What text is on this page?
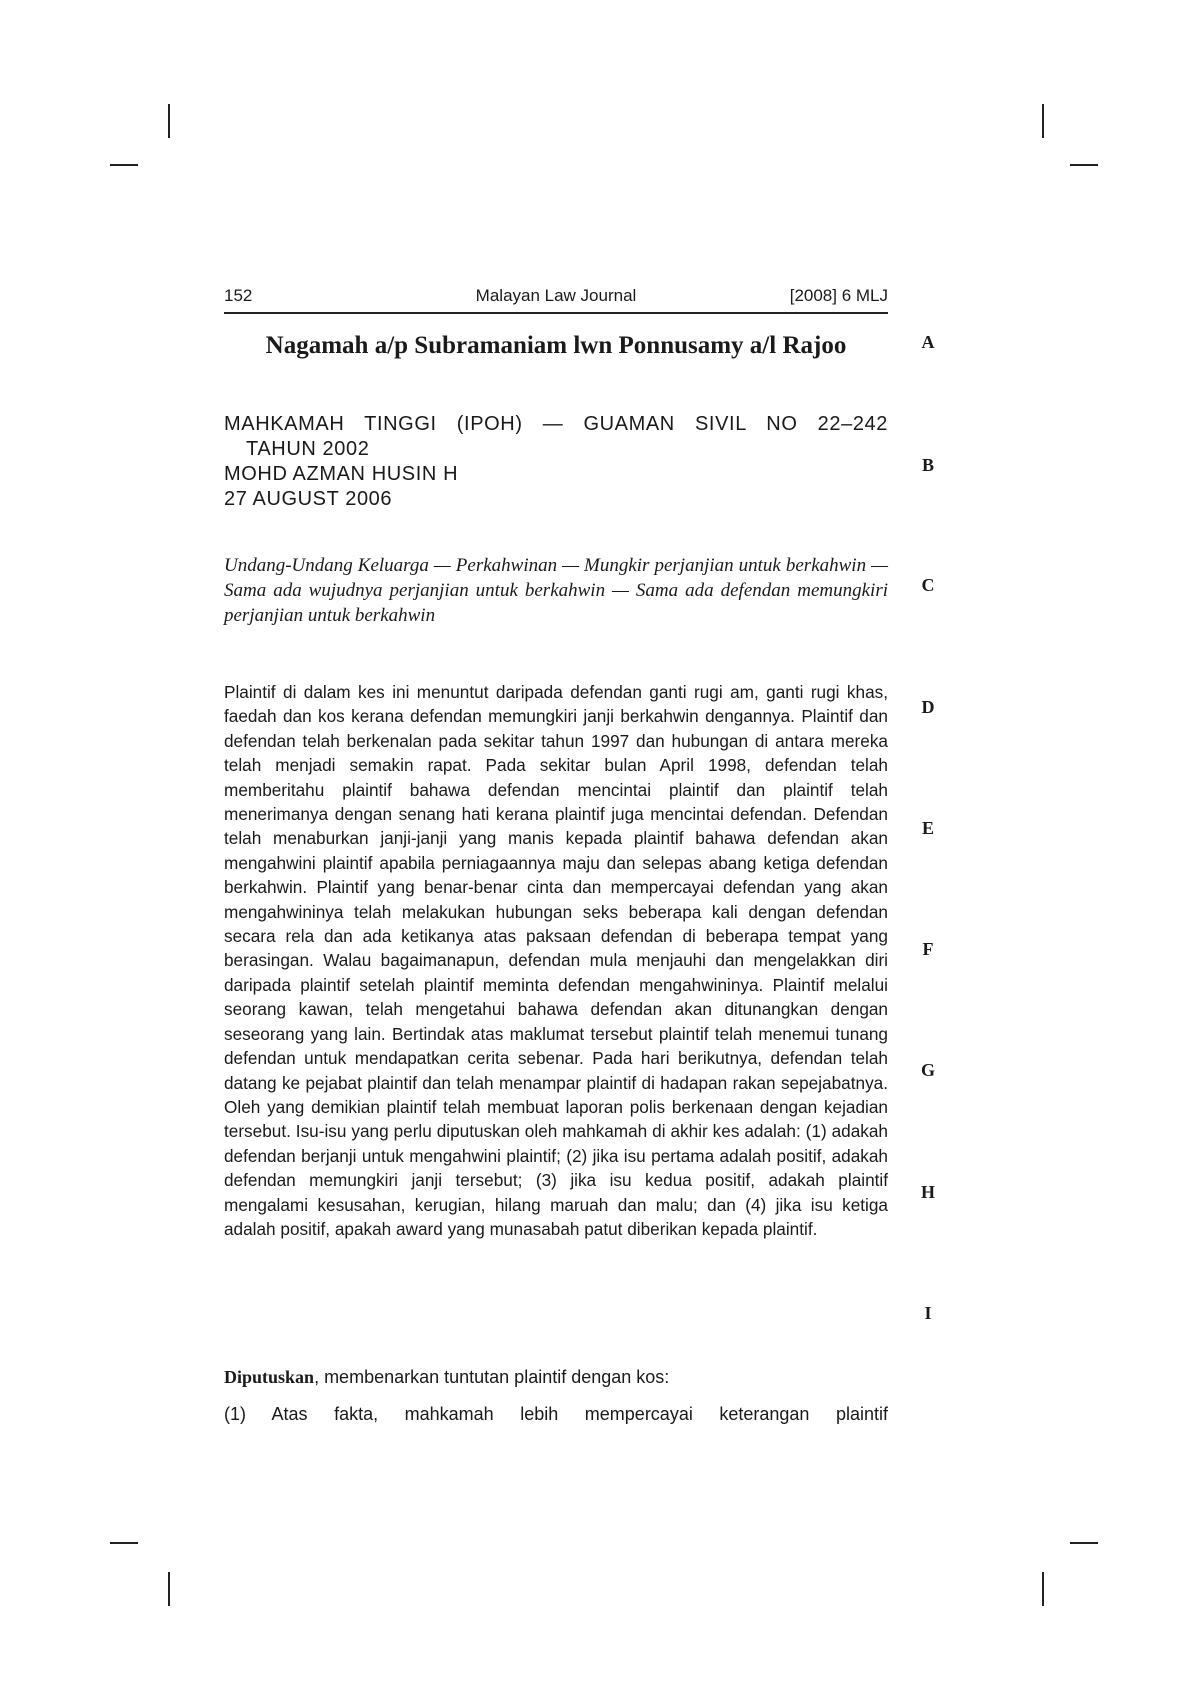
152	Malayan Law Journal	[2008] 6 MLJ
Nagamah a/p Subramaniam lwn Ponnusamy a/l Rajoo
MAHKAMAH TINGGI (IPOH) — GUAMAN SIVIL NO 22–242
TAHUN 2002
MOHD AZMAN HUSIN H
27 AUGUST 2006
Undang-Undang Keluarga — Perkahwinan — Mungkir perjanjian untuk berkahwin — Sama ada wujudnya perjanjian untuk berkahwin — Sama ada defendan memungkiri perjanjian untuk berkahwin
Plaintif di dalam kes ini menuntut daripada defendan ganti rugi am, ganti rugi khas, faedah dan kos kerana defendan memungkiri janji berkahwin dengannya. Plaintif dan defendan telah berkenalan pada sekitar tahun 1997 dan hubungan di antara mereka telah menjadi semakin rapat. Pada sekitar bulan April 1998, defendan telah memberitahu plaintif bahawa defendan mencintai plaintif dan plaintif telah menerimanya dengan senang hati kerana plaintif juga mencintai defendan. Defendan telah menaburkan janji-janji yang manis kepada plaintif bahawa defendan akan mengahwini plaintif apabila perniagaannya maju dan selepas abang ketiga defendan berkahwin. Plaintif yang benar-benar cinta dan mempercayai defendan yang akan mengahwininya telah melakukan hubungan seks beberapa kali dengan defendan secara rela dan ada ketikanya atas paksaan defendan di beberapa tempat yang berasingan. Walau bagaimanapun, defendan mula menjauhi dan mengelakkan diri daripada plaintif setelah plaintif meminta defendan mengahwininya. Plaintif melalui seorang kawan, telah mengetahui bahawa defendan akan ditunangkan dengan seseorang yang lain. Bertindak atas maklumat tersebut plaintif telah menemui tunang defendan untuk mendapatkan cerita sebenar. Pada hari berikutnya, defendan telah datang ke pejabat plaintif dan telah menampar plaintif di hadapan rakan sepejabatnya. Oleh yang demikian plaintif telah membuat laporan polis berkenaan dengan kejadian tersebut. Isu-isu yang perlu diputuskan oleh mahkamah di akhir kes adalah: (1) adakah defendan berjanji untuk mengahwini plaintif; (2) jika isu pertama adalah positif, adakah defendan memungkiri janji tersebut; (3) jika isu kedua positif, adakah plaintif mengalami kesusahan, kerugian, hilang maruah dan malu; dan (4) jika isu ketiga adalah positif, apakah award yang munasabah patut diberikan kepada plaintif.
Diputuskan, membenarkan tuntutan plaintif dengan kos:
(1) Atas fakta, mahkamah lebih mempercayai keterangan plaintif
A
B
C
D
E
F
G
H
I
